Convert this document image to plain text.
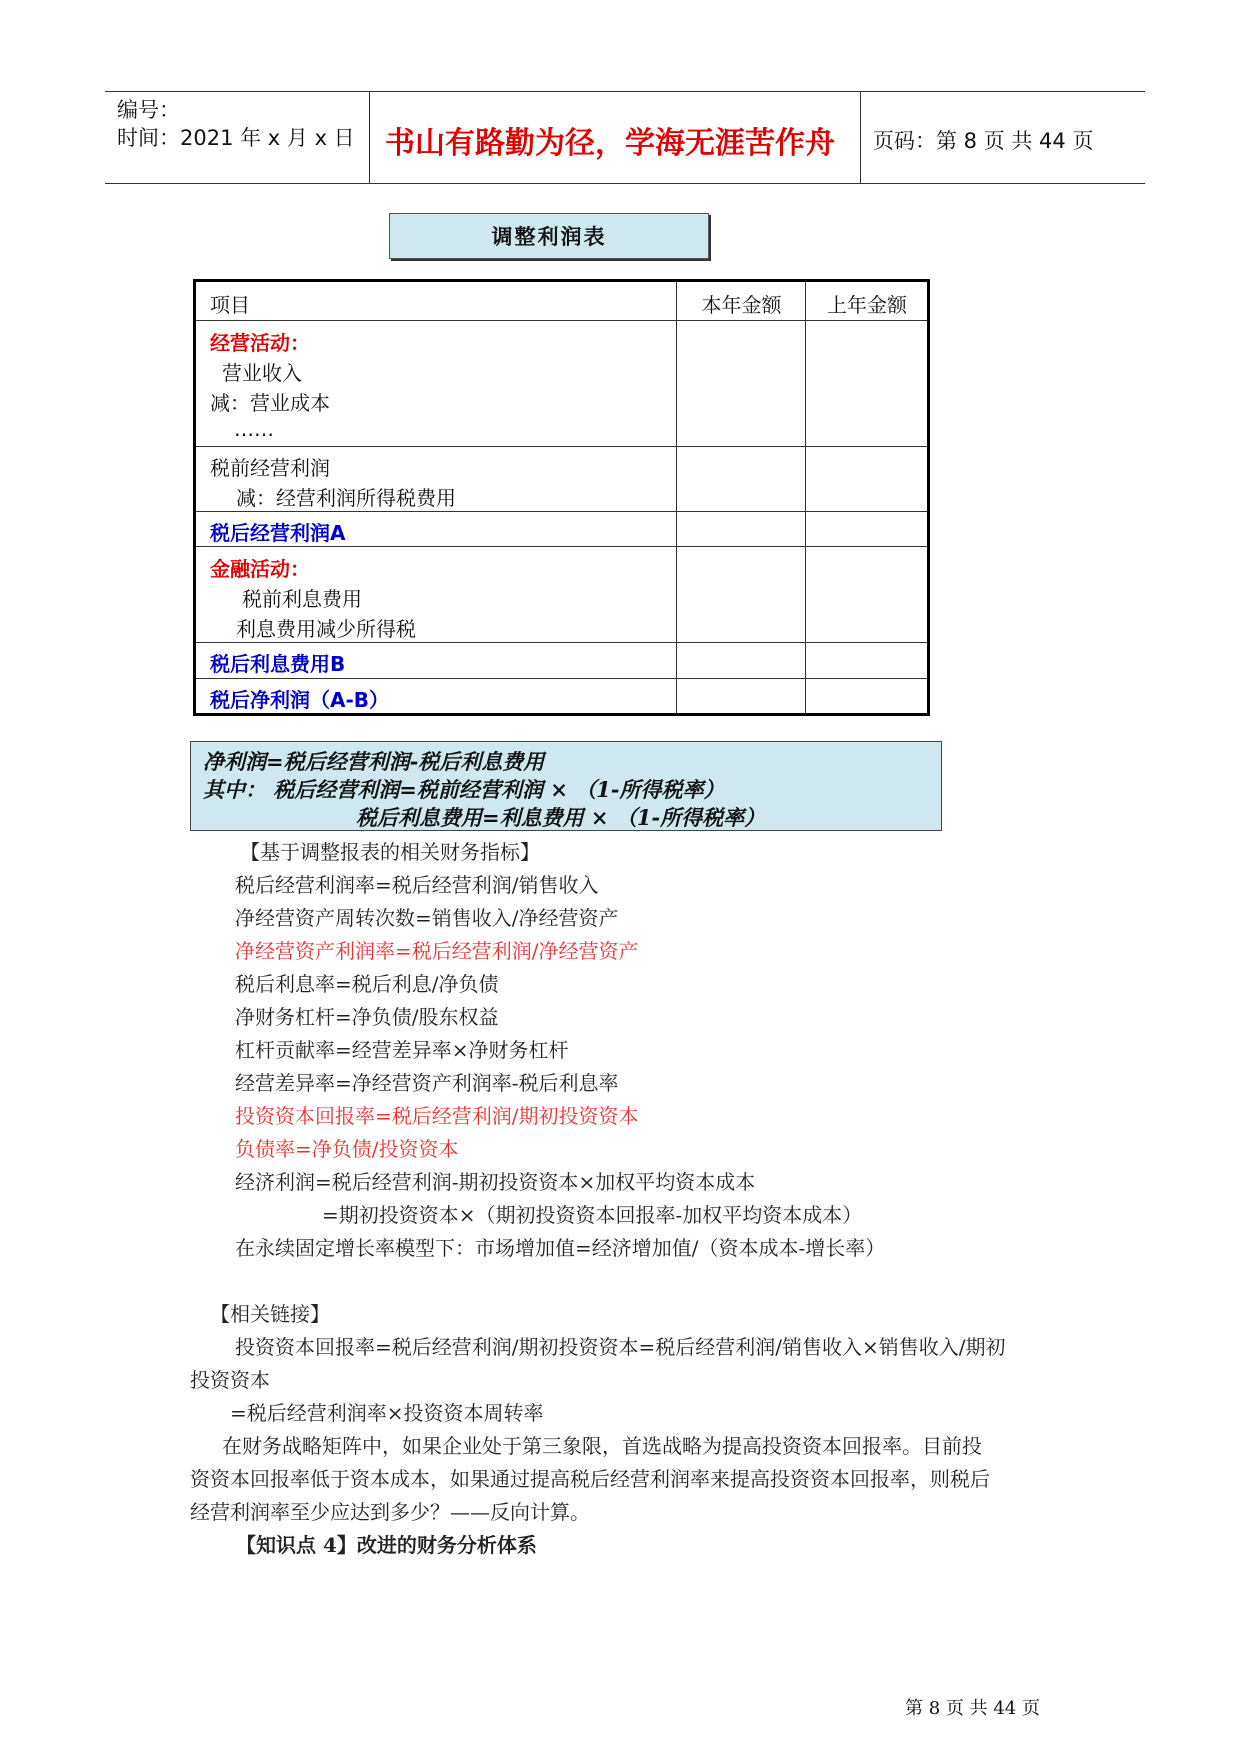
编号：
时间：2021 年 x 月 x 日	书山有路勤为径，学海无涯苦作舟	页码：第 8 页 共 44 页
调整利润表
项目	本年金额	上年金额
经营活动：
营业收入
减：营业成本
……
税前经营利润
减：经营利润所得税费用
税后经营利润A
金融活动：
税前利息费用
利息费用减少所得税
税后利息费用B
税后净利润（A-B）
净利润=税后经营利润-税后利息费用
其中： 税后经营利润=税前经营利润 × （1-所得税率）
税后利息费用=利息费用 × （1-所得税率）
【基于调整报表的相关财务指标】
税后经营利润率=税后经营利润/销售收入
净经营资产周转次数=销售收入/净经营资产
净经营资产利润率=税后经营利润/净经营资产
税后利息率=税后利息/净负债
净财务杠杆=净负债/股东权益
杠杆贡献率=经营差异率×净财务杠杆
经营差异率=净经营资产利润率-税后利息率
投资资本回报率=税后经营利润/期初投资资本
负债率=净负债/投资资本
经济利润=税后经营利润-期初投资资本×加权平均资本成本
=期初投资资本×（期初投资资本回报率-加权平均资本成本）
在永续固定增长率模型下：市场增加值=经济增加值/（资本成本-增长率）
【相关链接】
投资资本回报率=税后经营利润/期初投资资本=税后经营利润/销售收入×销售收入/期初
投资资本
=税后经营利润率×投资资本周转率
在财务战略矩阵中，如果企业处于第三象限，首选战略为提高投资资本回报率。目前投
资资本回报率低于资本成本，如果通过提高税后经营利润率来提高投资资本回报率，则税后
经营利润率至少应达到多少？——反向计算。
【知识点 4】改进的财务分析体系
第 8 页 共 44 页
